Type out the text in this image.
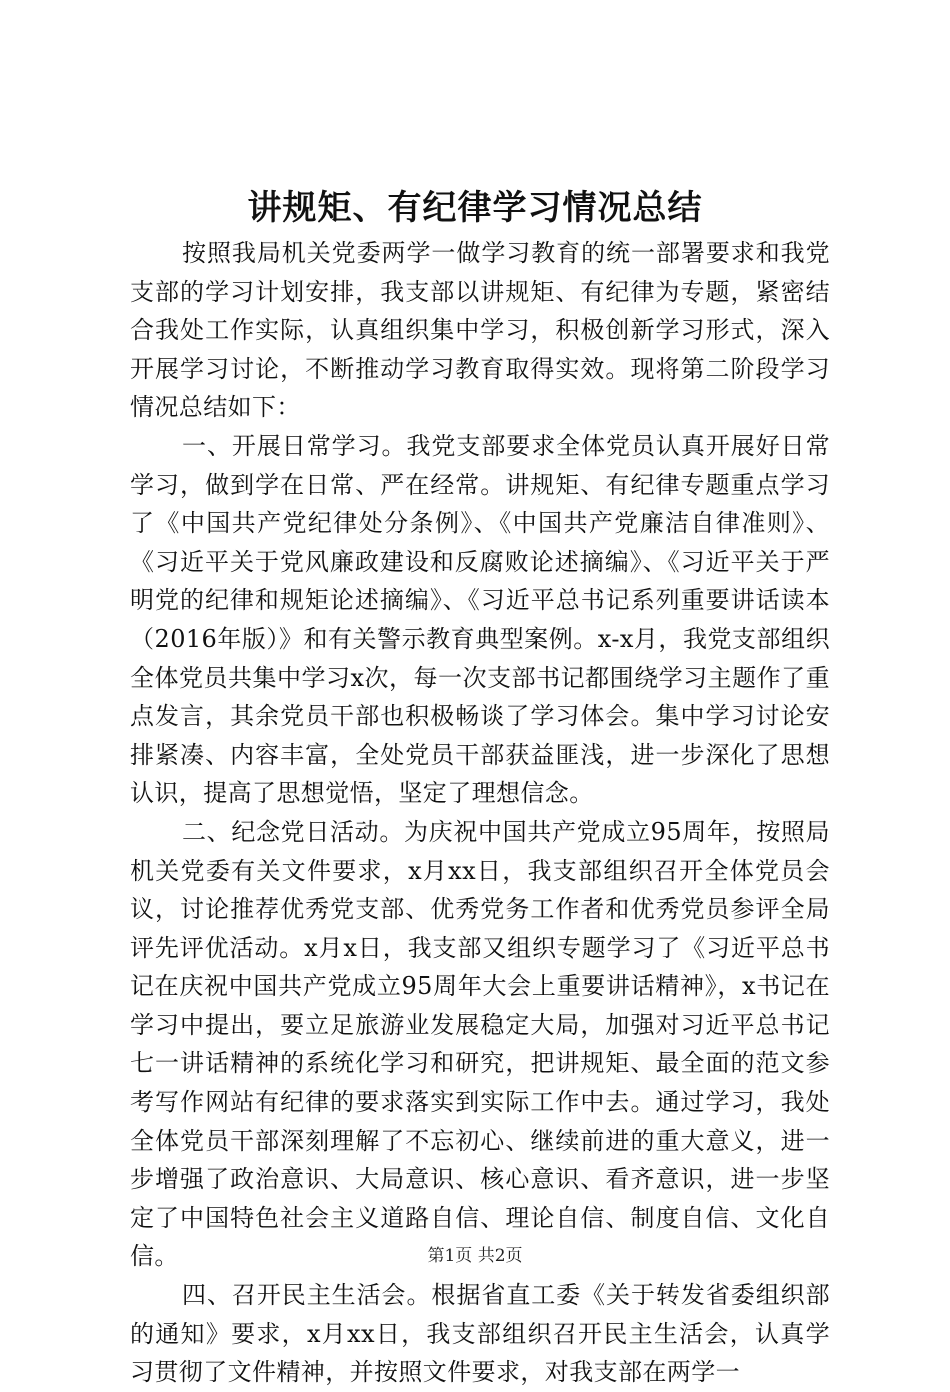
讲规矩、有纪律学习情况总结

按照我局机关党委两学一做学习教育的统一部署要求和我党支部的学习计划安排，我支部以讲规矩、有纪律为专题，紧密结合我处工作实际，认真组织集中学习，积极创新学习形式，深入开展学习讨论，不断推动学习教育取得实效。现将第二阶段学习情况总结如下：

一、开展日常学习。我党支部要求全体党员认真开展好日常学习，做到学在日常、严在经常。讲规矩、有纪律专题重点学习了《中国共产党纪律处分条例》、《中国共产党廉洁自律准则》、《习近平关于党风廉政建设和反腐败论述摘编》、《习近平关于严明党的纪律和规矩论述摘编》、《习近平总书记系列重要讲话读本（2016年版）》和有关警示教育典型案例。x-x月，我党支部组织全体党员共集中学习x次，每一次支部书记都围绕学习主题作了重点发言，其余党员干部也积极畅谈了学习体会。集中学习讨论安排紧凑、内容丰富，全处党员干部获益匪浅，进一步深化了思想认识，提高了思想觉悟，坚定了理想信念。

二、纪念党日活动。为庆祝中国共产党成立95周年，按照局机关党委有关文件要求，x月xx日，我支部组织召开全体党员会议，讨论推荐优秀党支部、优秀党务工作者和优秀党员参评全局评先评优活动。x月x日，我支部又组织专题学习了《习近平总书记在庆祝中国共产党成立95周年大会上重要讲话精神》，x书记在学习中提出，要立足旅游业发展稳定大局，加强对习近平总书记七一讲话精神的系统化学习和研究，把讲规矩、最全面的范文参考写作网站有纪律的要求落实到实际工作中去。通过学习，我处全体党员干部深刻理解了不忘初心、继续前进的重大意义，进一步增强了政治意识、大局意识、核心意识、看齐意识，进一步坚定了中国特色社会主义道路自信、理论自信、制度自信、文化自信。

四、召开民主生活会。根据省直工委《关于转发省委组织部的通知》要求，x月xx日，我支部组织召开民主生活会，认真学习贯彻了文件精神，并按照文件要求，对我支部在两学一

第1页 共2页
